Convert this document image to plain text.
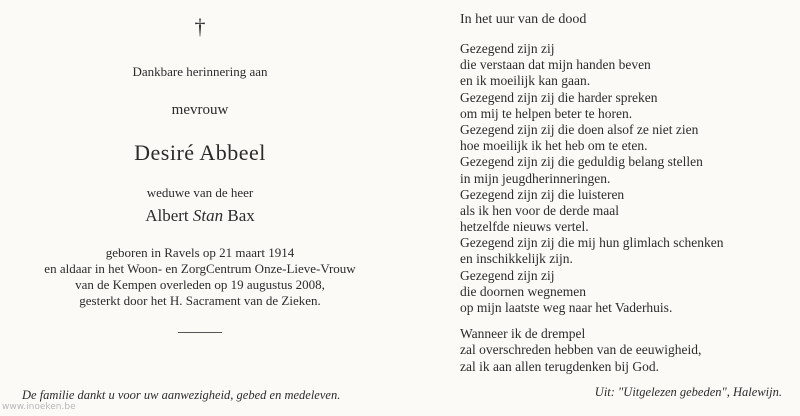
†
Dankbare herinnering aan
mevrouw
Desiré Abbeel
weduwe van de heer
Albert Stan Bax
geboren in Ravels op 21 maart 1914
en aldaar in het Woon- en ZorgCentrum Onze-Lieve-Vrouw
van de Kempen overleden op 19 augustus 2008,
gesterkt door het H. Sacrament van de Zieken.
De familie dankt u voor uw aanwezigheid, gebed en medeleven.
In het uur van de dood
Gezegend zijn zij
die verstaan dat mijn handen beven
en ik moeilijk kan gaan.
Gezegend zijn zij die harder spreken
om mij te helpen beter te horen.
Gezegend zijn zij die doen alsof ze niet zien
hoe moeilijk ik het heb om te eten.
Gezegend zijn zij die geduldig belang stellen
in mijn jeugdherinneringen.
Gezegend zijn zij die luisteren
als ik hen voor de derde maal
hetzelfde nieuws vertel.
Gezegend zijn zij die mij hun glimlach schenken
en inschikkelijk zijn.
Gezegend zijn zij
die doornen wegnemen
op mijn laatste weg naar het Vaderhuis.
Wanneer ik de drempel
zal overschreden hebben van de eeuwigheid,
zal ik aan allen terugdenken bij God.
Uit: "Uitgelezen gebeden", Halewijn.
www.inoeken.be
